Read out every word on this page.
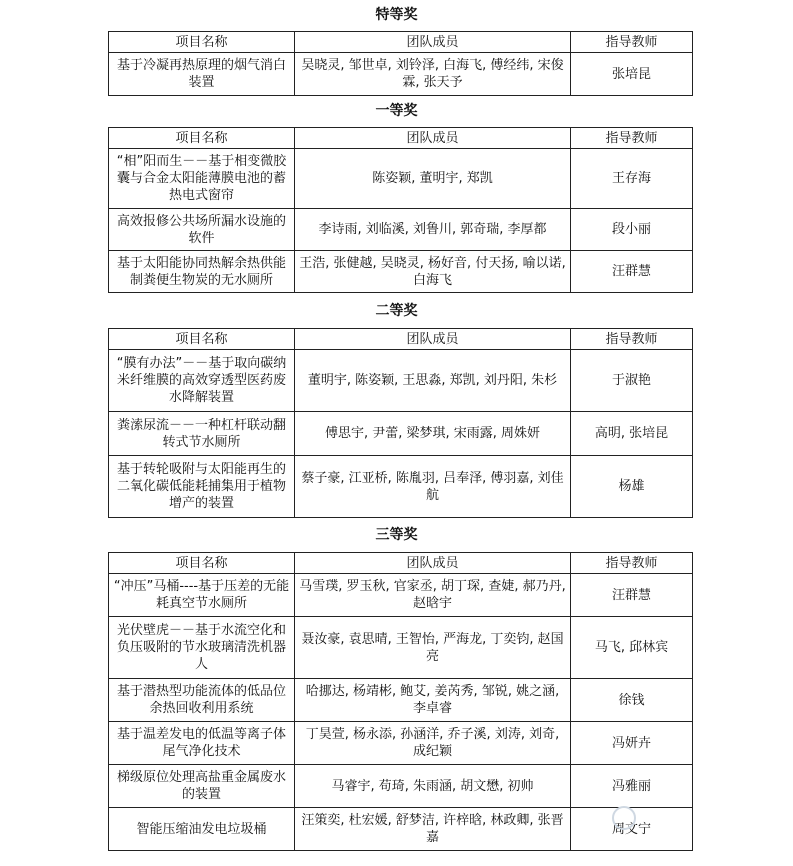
特等奖
项目名称	团队成员	指导教师
基于冷凝再热原理的烟气消白装置	吴晓灵, 邹世卓, 刘铃泽, 白海飞, 傅经纬, 宋俊霖, 张天予	张培昆
一等奖
项目名称	团队成员	指导教师
“相”阳而生－－基于相变微胶囊与合金太阳能薄膜电池的蓄热电式窗帘	陈姿颖, 董明宇, 郑凯	王存海
高效报修公共场所漏水设施的软件	李诗雨, 刘临溪, 刘鲁川, 郭奇瑞, 李厚都	段小丽
基于太阳能协同热解余热供能制粪便生物炭的无水厕所	王浩, 张健越, 吴晓灵, 杨好音, 付天扬, 喻以诺, 白海飞	汪群慧
二等奖
项目名称	团队成员	指导教师
“膜有办法”－－基于取向碳纳米纤维膜的高效穿透型医药废水降解装置	董明宇, 陈姿颖, 王思淼, 郑凯, 刘丹阳, 朱杉	于淑艳
粪溹尿流－－一种杠杆联动翻转式节水厕所	傅思宇, 尹蕾, 梁梦琪, 宋雨露, 周姝妍	高明, 张培昆
基于转轮吸附与太阳能再生的二氧化碳低能耗捕集用于植物增产的装置	蔡子豪, 江亚桥, 陈胤羽, 吕奉泽, 傅羽嘉, 刘佳航	杨雄
三等奖
项目名称	团队成员	指导教师
“冲压”马桶----基于压差的无能耗真空节水厕所	马雪璞, 罗玉秋, 官家丞, 胡丁琛, 查婕, 郝乃丹, 赵晗宇	汪群慧
光伏壁虎－－基于水流空化和负压吸附的节水玻璃清洗机器人	聂汝豪, 袁思晴, 王智怡, 严海龙, 丁奕钧, 赵国亮	马飞, 邱林宾
基于潜热型功能流体的低品位余热回收利用系统	哈挪达, 杨靖彬, 鲍艾, 姜芮秀, 邹锐, 姚之涵, 李卓睿	徐钱
基于温差发电的低温等离子体尾气净化技术	丁昊萱, 杨永添, 孙涵洋, 乔子溪, 刘涛, 刘奇, 成纪颖	冯妍卉
梯级原位处理高盐重金属废水的装置	马睿宇, 苟琦, 朱雨涵, 胡文懋, 初帅	冯雅丽
智能压缩油发电垃圾桶	汪策奕, 杜宏媛, 舒梦洁, 许梓晗, 林政卿, 张晋嘉	周文宁
